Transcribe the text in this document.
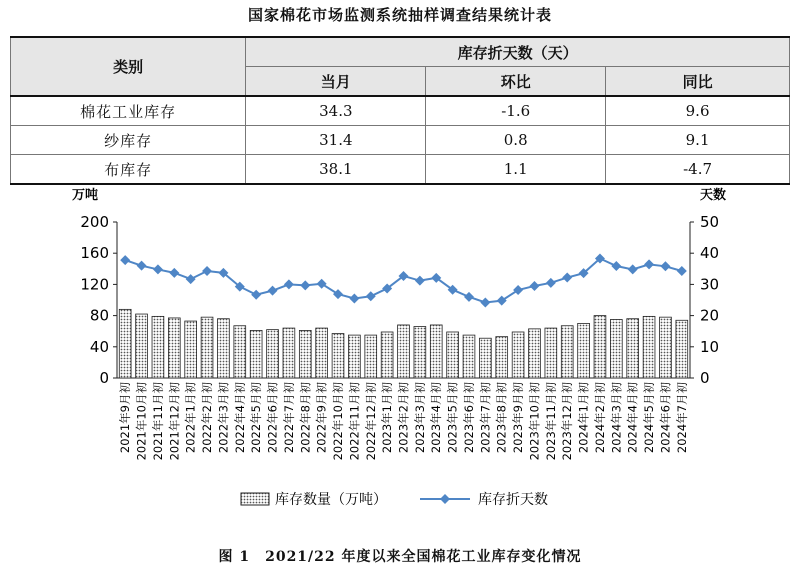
国家棉花市场监测系统抽样调查结果统计表
类别	库存折天数（天）		
	当月	环比	同比
棉花工业库存	34.3	-1.6	9.6
纱库存	31.4	0.8	9.1
布库存	38.1	1.1	-4.7
万吨	天数
0
40
80
120
160
200
0
10
20
30
40
50
2021年9月初 2021年10月初 2021年11月初 2021年12月初 2022年1月初 2022年2月初 2022年3月初 2022年4月初 2022年5月初 2022年6月初 2022年7月初 2022年8月初 2022年9月初 2022年10月初 2022年11月初 2022年12月初 2023年1月初 2023年2月初 2023年3月初 2023年4月初 2023年5月初 2023年6月初 2023年7月初 2023年8月初 2023年9月初 2023年10月初 2023年11月初 2023年12月初 2024年1月初 2024年2月初 2024年3月初 2024年4月初 2024年5月初 2024年6月初 2024年7月初
库存数量（万吨）	库存折天数
图 1　2021/22 年度以来全国棉花工业库存变化情况
